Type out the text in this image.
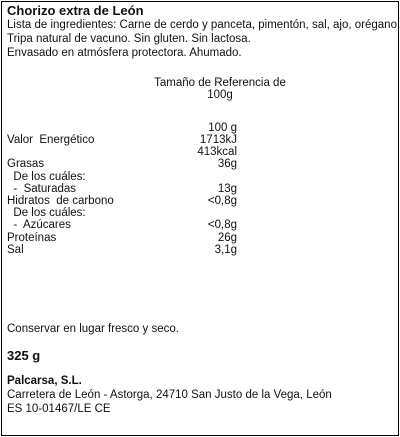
Chorizo extra de León
Lista de ingredientes: Carne de cerdo y panceta, pimentón, sal, ajo, orégano.
Tripa natural de vacuno. Sin gluten. Sin lactosa.
Envasado en atmósfera protectora. Ahumado.
Tamaño de Referencia de
100g
100 g
Valor  Energético	1713kJ
413kcal
Grasas	36g
De los cuáles:
-  Saturadas	13g
Hidratos  de carbono	<0,8g
De los cuáles:
-  Azúcares	<0,8g
Proteínas	26g
Sal	3,1g
Conservar en lugar fresco y seco.
325 g
Palcarsa, S.L.
Carretera de León - Astorga, 24710 San Justo de la Vega, León
ES 10-01467/LE CE
